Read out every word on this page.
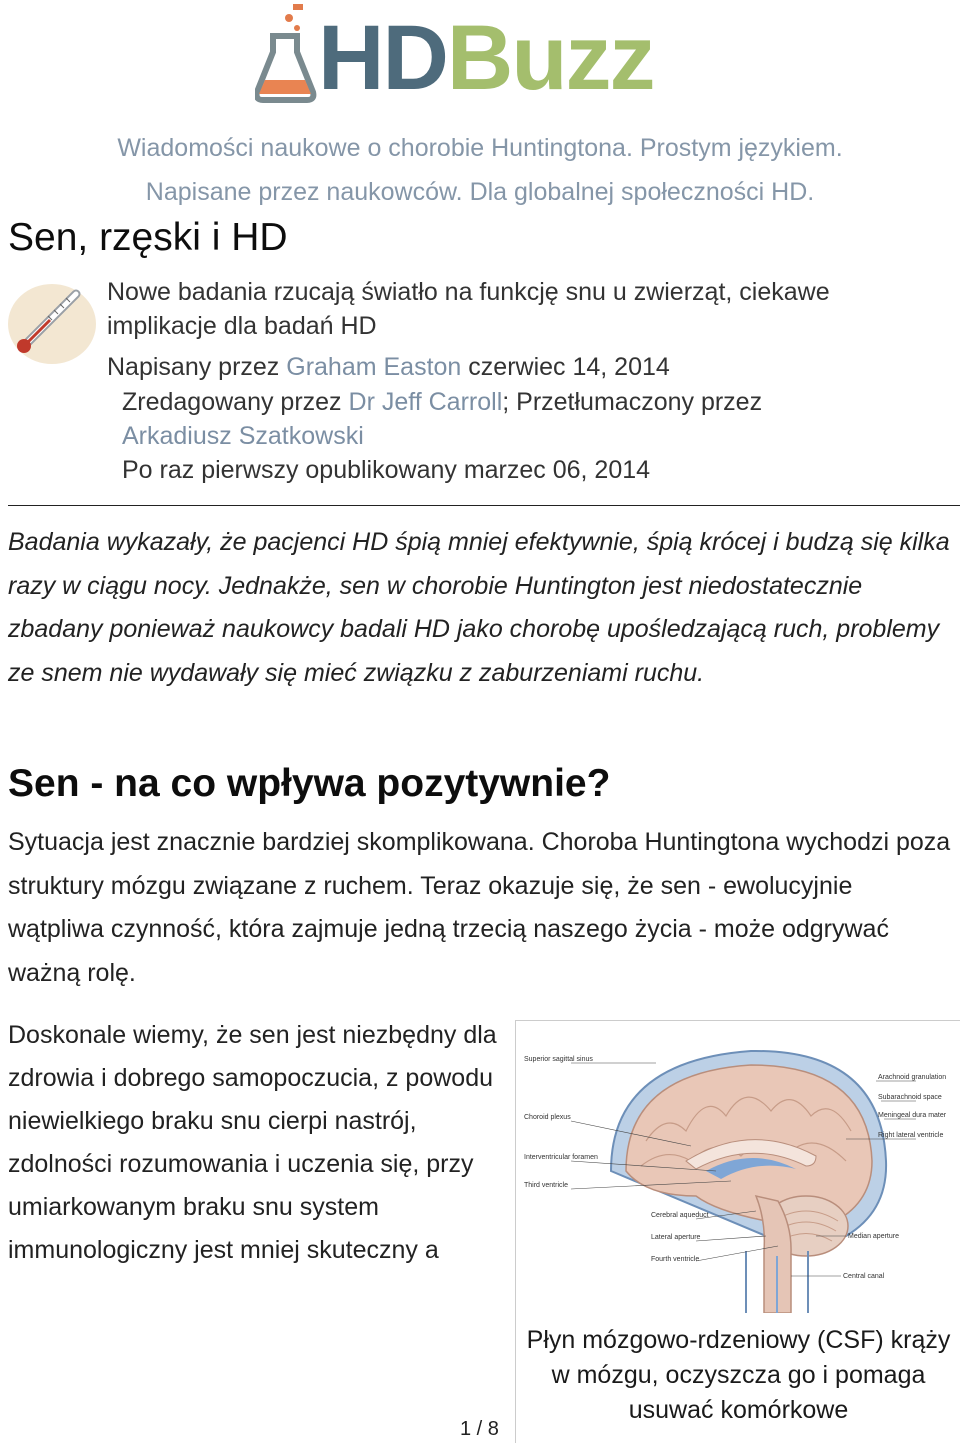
HDBuzz
Wiadomości naukowe o chorobie Huntingtona. Prostym językiem.
Napisane przez naukowców. Dla globalnej społeczności HD.
Sen, rzęski i HD
Nowe badania rzucają światło na funkcję snu u zwierząt, ciekawe
implikacje dla badań HD
Napisany przez Graham Easton czerwiec 14, 2014
Zredagowany przez Dr Jeff Carroll; Przetłumaczony przez
Arkadiusz Szatkowski
Po raz pierwszy opublikowany marzec 06, 2014
Badania wykazały, że pacjenci HD śpią mniej efektywnie, śpią krócej i budzą się kilka razy w ciągu nocy. Jednakże, sen w chorobie Huntington jest niedostatecznie zbadany ponieważ naukowcy badali HD jako chorobę upośledzającą ruch, problemy ze snem nie wydawały się mieć związku z zaburzeniami ruchu.
Sen - na co wpływa pozytywnie?
Sytuacja jest znacznie bardziej skomplikowana. Choroba Huntingtona wychodzi poza struktury mózgu związane z ruchem. Teraz okazuje się, że sen - ewolucyjnie wątpliwa czynność, która zajmuje jedną trzecią naszego życia - może odgrywać ważną rolę.
Doskonale wiemy, że sen jest niezbędny dla zdrowia i dobrego samopoczucia, z powodu niewielkiego braku snu cierpi nastrój, zdolności rozumowania i uczenia się, przy umiarkowanym braku snu system immunologiczny jest mniej skuteczny a
Superior sagittal sinus
Choroid plexus
Interventricular foramen
Third ventricle
Arachnoid granulation
Subarachnoid space
Meningeal dura mater
Right lateral ventricle
Cerebral aqueduct
Lateral aperture
Fourth ventricle
Median aperture
Central canal
Płyn mózgowo-rdzeniowy (CSF) krąży w mózgu, oczyszcza go i pomaga usuwać komórkowe
1 / 8
